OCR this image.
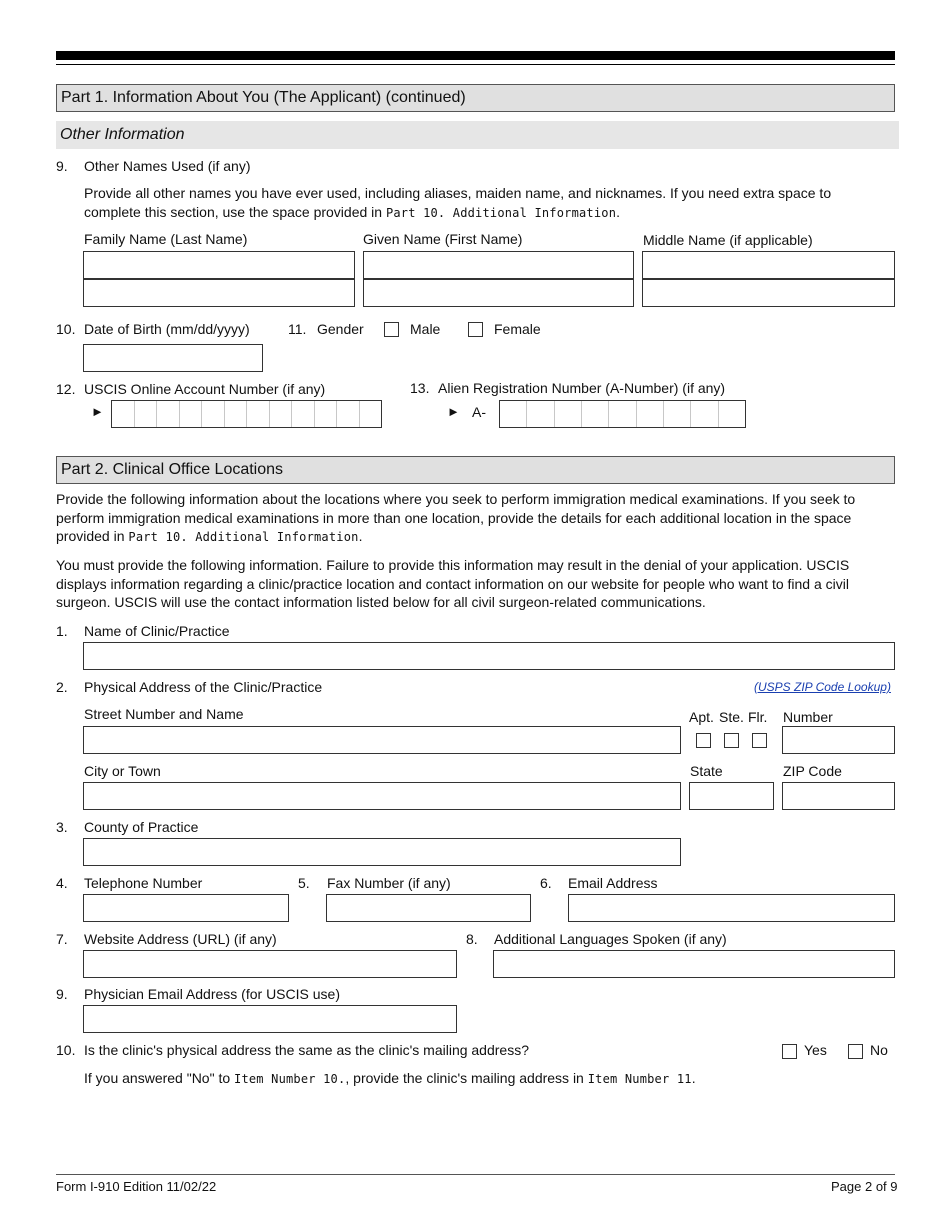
Part 1. Information About You (The Applicant) (continued)
Other Information
9. Other Names Used (if any)
Provide all other names you have ever used, including aliases, maiden name, and nicknames. If you need extra space to complete this section, use the space provided in Part 10. Additional Information.
Family Name (Last Name)	Given Name (First Name)	Middle Name (if applicable)
10. Date of Birth (mm/dd/yyyy)	11. Gender	Male	Female
12. USCIS Online Account Number (if any)
►
13. Alien Registration Number (A-Number) (if any)
► A-
Part 2. Clinical Office Locations
Provide the following information about the locations where you seek to perform immigration medical examinations. If you seek to perform immigration medical examinations in more than one location, provide the details for each additional location in the space provided in Part 10. Additional Information.
You must provide the following information. Failure to provide this information may result in the denial of your application. USCIS displays information regarding a clinic/practice location and contact information on our website for people who want to find a civil surgeon. USCIS will use the contact information listed below for all civil surgeon-related communications.
1. Name of Clinic/Practice
2. Physical Address of the Clinic/Practice	(USPS ZIP Code Lookup)
Street Number and Name	Apt. Ste. Flr. Number
City or Town	State	ZIP Code
3. County of Practice
4. Telephone Number	5. Fax Number (if any)	6. Email Address
7. Website Address (URL) (if any)	8. Additional Languages Spoken (if any)
9. Physician Email Address (for USCIS use)
10. Is the clinic's physical address the same as the clinic's mailing address?	Yes	No
If you answered "No" to Item Number 10., provide the clinic's mailing address in Item Number 11.
Form I-910 Edition 11/02/22	Page 2 of 9
